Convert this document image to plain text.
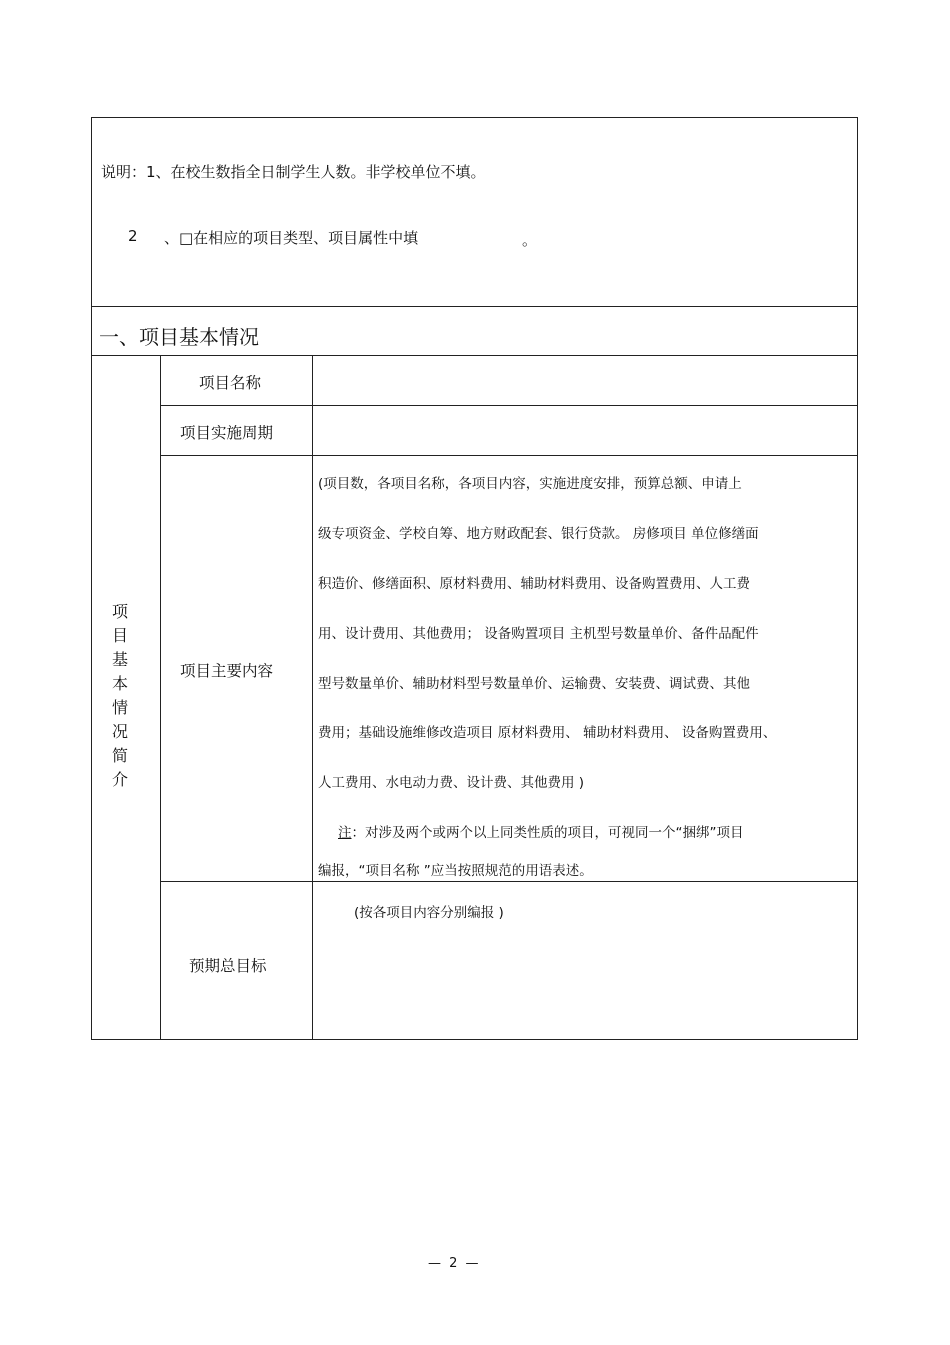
说明：1、在校生数指全日制学生人数。非学校单位不填。
2 、□在相应的项目类型、项目属性中填	。
一、项目基本情况
项
目
基
本
情
况
简
介
项目名称
项目实施周期
项目主要内容
预期总目标
(项目数，各项目名称，各项目内容，实施进度安排，预算总额、申请上
级专项资金、学校自筹、地方财政配套、银行贷款。 房修项目 单位修缮面
积造价、修缮面积、原材料费用、辅助材料费用、设备购置费用、人工费
用、设计费用、其他费用； 设备购置项目 主机型号数量单价、备件品配件
型号数量单价、辅助材料型号数量单价、运输费、安装费、调试费、其他
费用；基础设施维修改造项目 原材料费用、 辅助材料费用、 设备购置费用、
人工费用、水电动力费、设计费、其他费用 )
注：对涉及两个或两个以上同类性质的项目，可视同一个“捆绑”项目
编报，“项目名称 ”应当按照规范的用语表述。
(按各项目内容分别编报 )
— 2 —
